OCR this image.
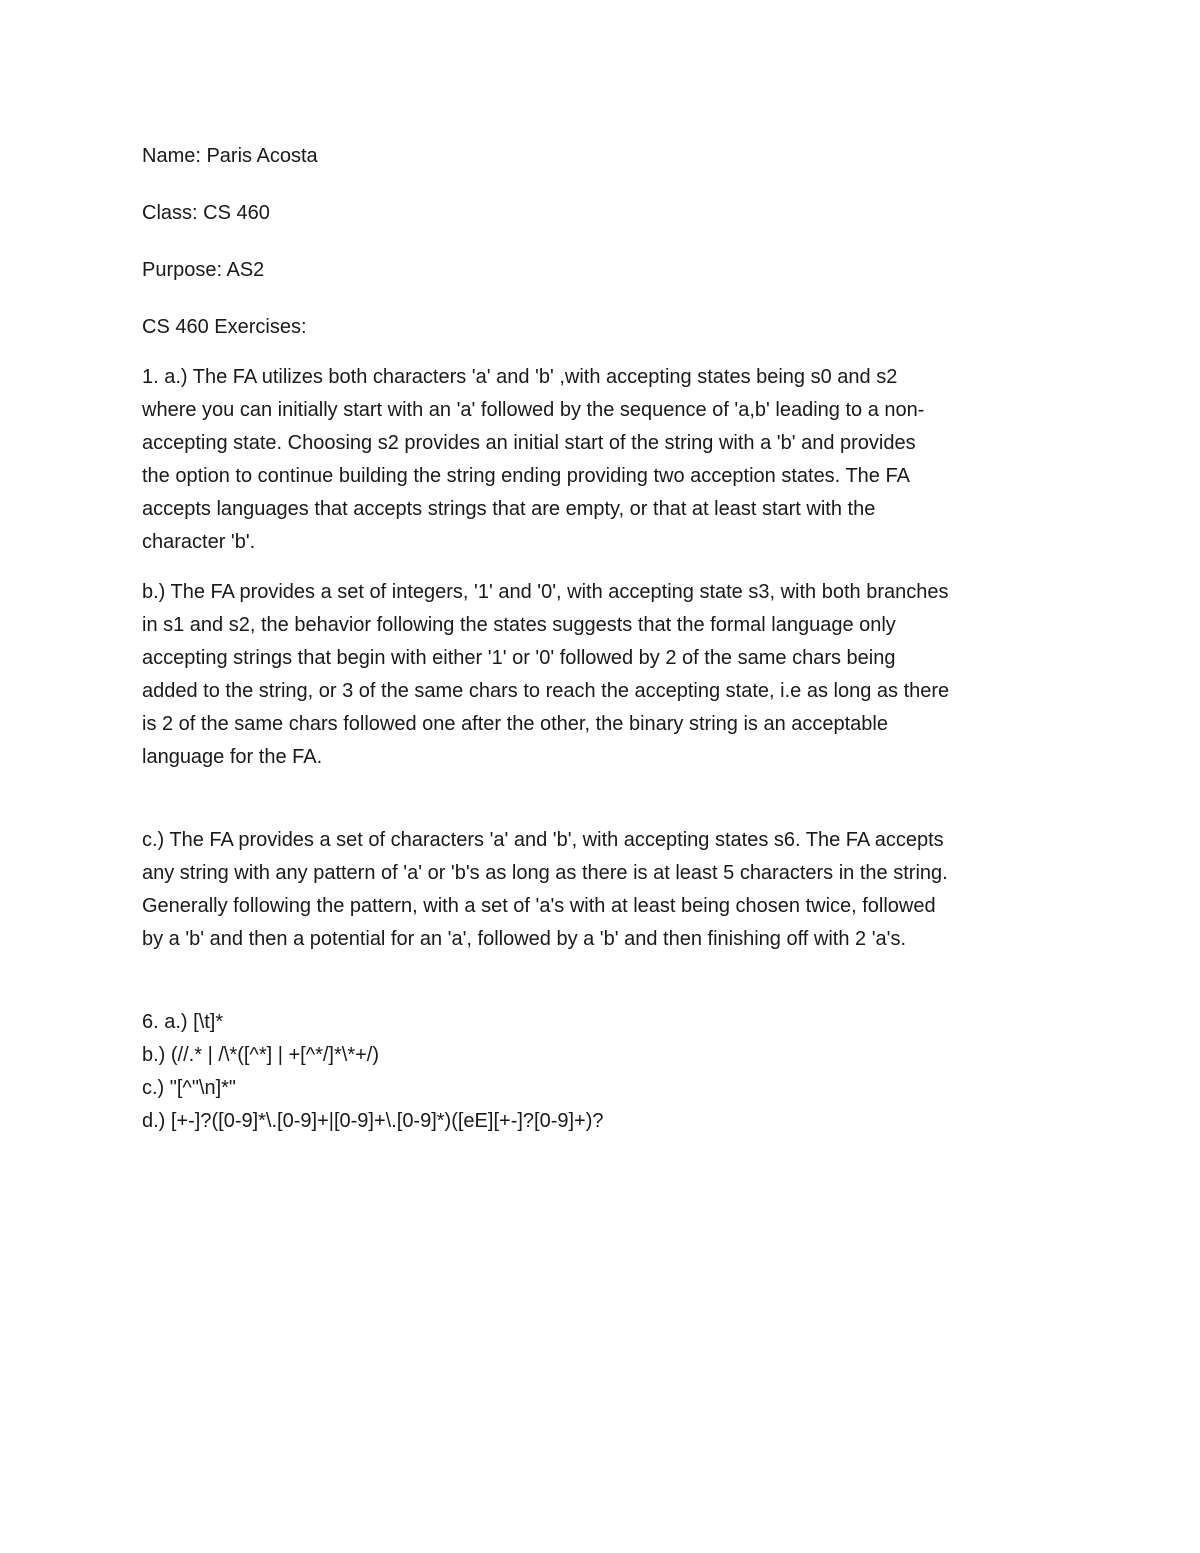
Name: Paris Acosta

Class: CS 460

Purpose: AS2

CS 460 Exercises:

1. a.) The FA utilizes both characters 'a' and 'b' ,with accepting states being s0 and s2

where you can initially start with an 'a' followed by the sequence of 'a,b' leading to a non-

accepting state. Choosing s2 provides an initial start of the string with a 'b' and provides

the option to continue building the string ending providing two acception states. The FA

accepts languages that accepts strings that are empty, or that at least start with the

character 'b'.

b.) The FA provides a set of integers, '1' and '0', with accepting state s3, with both branches

in s1 and s2, the behavior following the states suggests that the formal language only

accepting strings that begin with either '1' or '0' followed by 2 of the same chars being

added to the string, or 3 of the same chars to reach the accepting state, i.e as long as there

is 2 of the same chars followed one after the other, the binary string is an acceptable

language for the FA.

c.) The FA provides a set of characters 'a' and 'b', with accepting states s6. The FA accepts

any string with any pattern of 'a' or 'b's as long as there is at least 5 characters in the string.

Generally following the pattern, with a set of 'a's with at least being chosen twice, followed

by a 'b' and then a potential for an 'a', followed by a 'b' and then finishing off with 2 'a's.

6. a.) [\t]*

b.) (//.* | /\*([^*] | +[^*/]*\*+/)

c.) "[^"\n]*"

d.) [+-]?([0-9]*\.[0-9]+|[0-9]+\.[0-9]*)([eE][+-]?[0-9]+)?
